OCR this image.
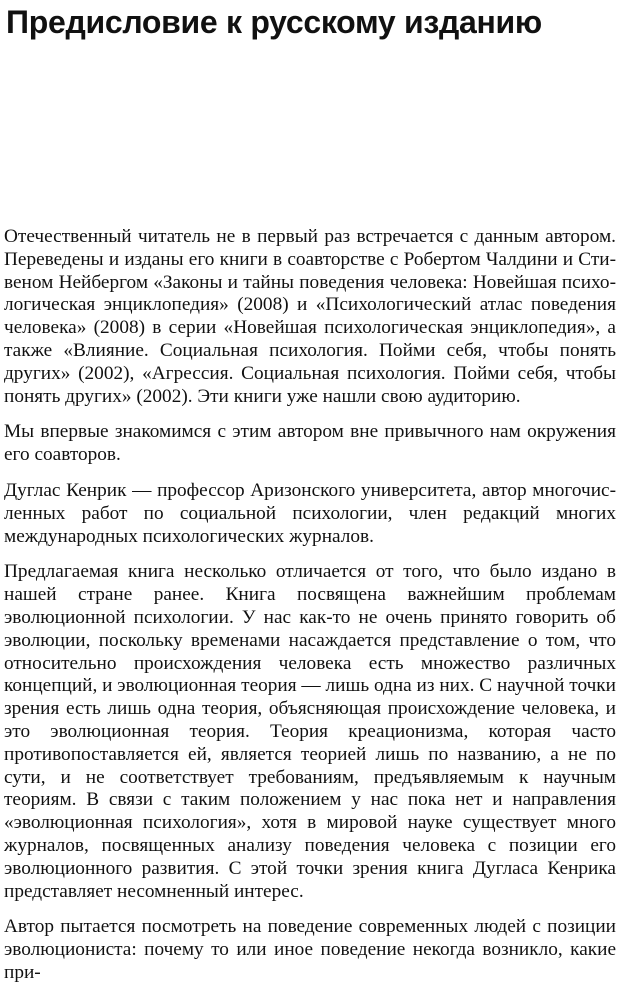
Предисловие к русскому изданию

Отечественный читатель не в первый раз встречается с данным автором. Переведены и изданы его книги в соавторстве с Робертом Чалдини и Стивеном Нейбергом «Законы и тайны поведения человека: Новейшая психологическая энциклопедия» (2008) и «Психологический атлас поведения человека» (2008) в серии «Новейшая психологическая энциклопедия», а также «Влияние. Социальная психология. Пойми себя, чтобы понять других» (2002), «Агрессия. Социальная психология. Пойми себя, чтобы понять других» (2002). Эти книги уже нашли свою аудиторию.

Мы впервые знакомимся с этим автором вне привычного нам окружения его соавторов.

Дуглас Кенрик — профессор Аризонского университета, автор многочисленных работ по социальной психологии, член редакций многих международных психологических журналов.

Предлагаемая книга несколько отличается от того, что было издано в нашей стране ранее. Книга посвящена важнейшим проблемам эволюционной психологии. У нас как-то не очень принято говорить об эволюции, поскольку временами насаждается представление о том, что относительно происхождения человека есть множество различных концепций, и эволюционная теория — лишь одна из них. С научной точки зрения есть лишь одна теория, объясняющая происхождение человека, и это эволюционная теория. Теория креационизма, которая часто противопоставляется ей, является теорией лишь по названию, а не по сути, и не соответствует требованиям, предъявляемым к научным теориям. В связи с таким положением у нас пока нет и направления «эволюционная психология», хотя в мировой науке существует много журналов, посвященных анализу поведения человека с позиции его эволюционного развития. С этой точки зрения книга Дугласа Кенрика представляет несомненный интерес.

Автор пытается посмотреть на поведение современных людей с позиции эволюциониста: почему то или иное поведение некогда возникло, какие при-
